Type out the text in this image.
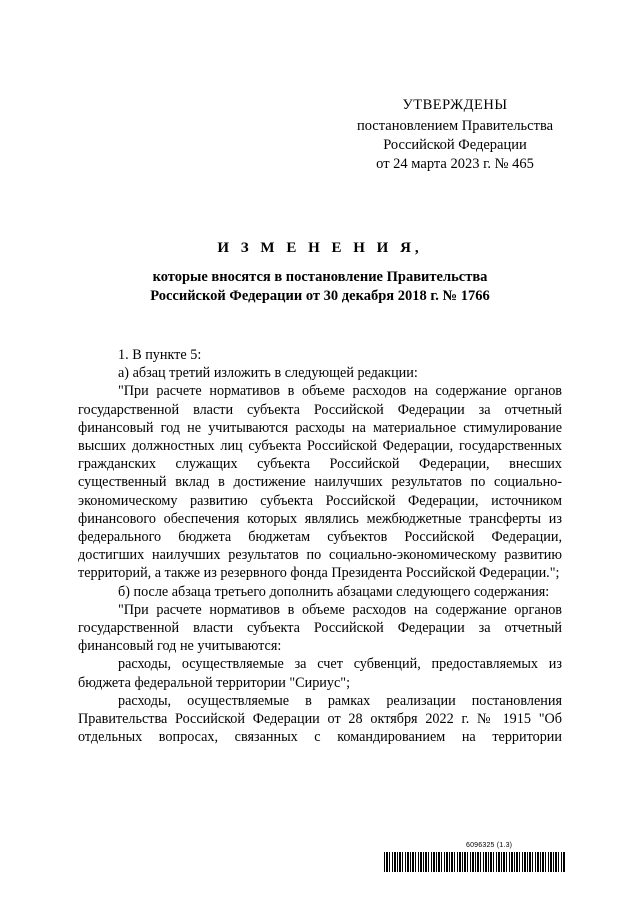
УТВЕРЖДЕНЫ
постановлением Правительства
Российской Федерации
от 24 марта 2023 г. № 465
И З М Е Н Е Н И Я,
которые вносятся в постановление Правительства
Российской Федерации от 30 декабря 2018 г. № 1766

1. В пункте 5:

а) абзац третий изложить в следующей редакции:

"При расчете нормативов в объеме расходов на содержание органов государственной власти субъекта Российской Федерации за отчетный финансовый год не учитываются расходы на материальное стимулирование высших должностных лиц субъекта Российской Федерации, государственных гражданских служащих субъекта Российской Федерации, внесших существенный вклад в достижение наилучших результатов по социально-экономическому развитию субъекта Российской Федерации, источником финансового обеспечения которых являлись межбюджетные трансферты из федерального бюджета бюджетам субъектов Российской Федерации, достигших наилучших результатов по социально-экономическому развитию территорий, а также из резервного фонда Президента Российской Федерации.";

б) после абзаца третьего дополнить абзацами следующего содержания:

"При расчете нормативов в объеме расходов на содержание органов государственной власти субъекта Российской Федерации за отчетный финансовый год не учитываются:

расходы, осуществляемые за счет субвенций, предоставляемых из бюджета федеральной территории "Сириус";

расходы, осуществляемые в рамках реализации постановления Правительства Российской Федерации от 28 октября 2022 г. № 1915 "Об отдельных вопросах, связанных с командированием на территории

6096325 (1.3)
